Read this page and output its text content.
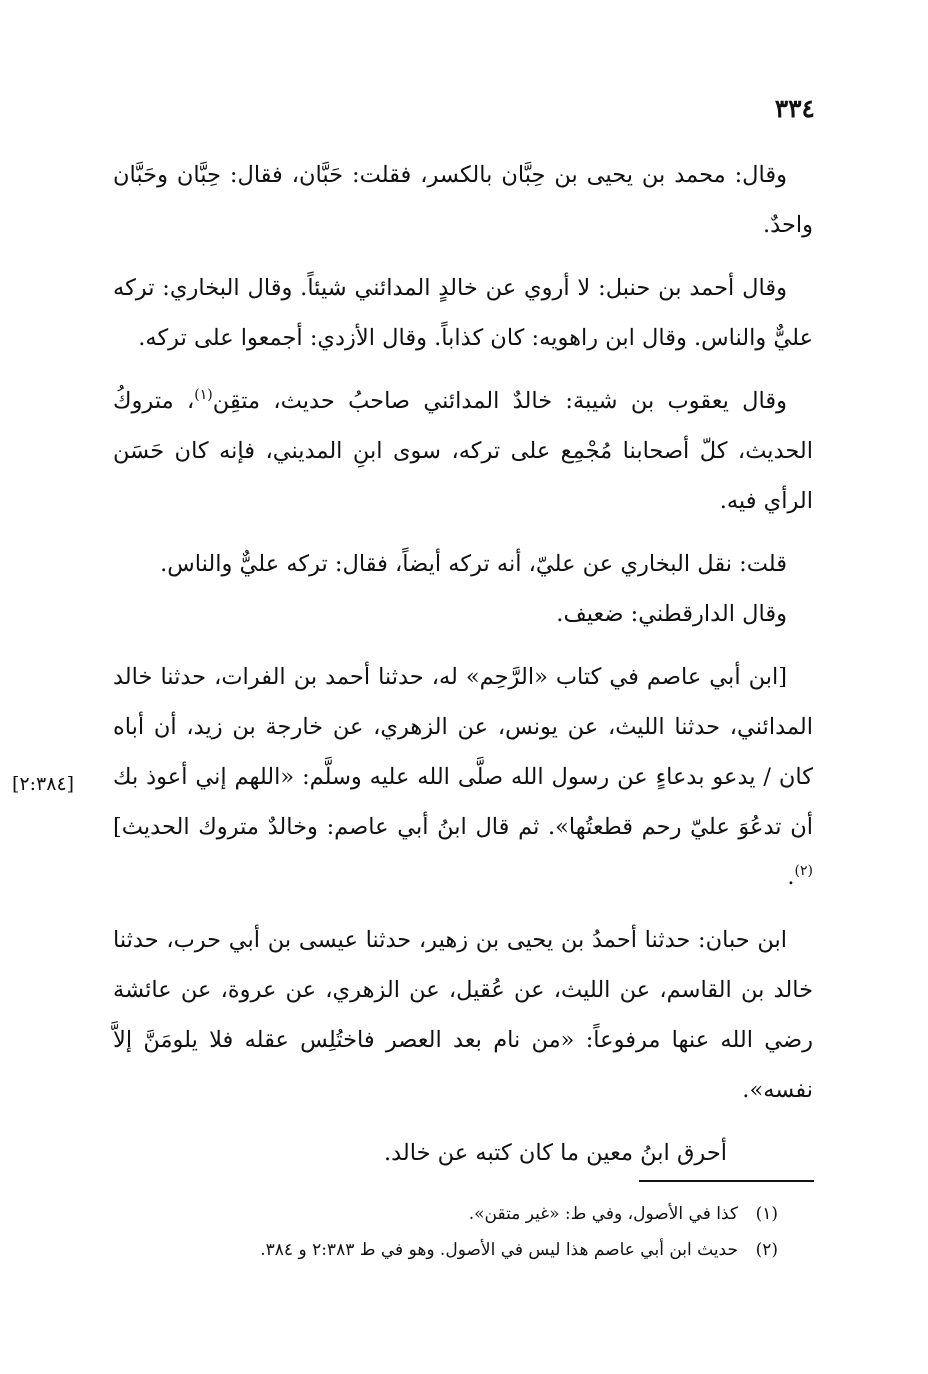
٣٣٤

وقال: محمد بن يحيى بن حِبَّان بالكسر، فقلت: حَبَّان، فقال: حِبَّان وحَبَّان واحدٌ.

وقال أحمد بن حنبل: لا أروي عن خالدٍ المدائني شيئاً. وقال البخاري: تركه عليٌّ والناس. وقال ابن راهويه: كان كذاباً. وقال الأزدي: أجمعوا على تركه.

وقال يعقوب بن شيبة: خالدٌ المدائني صاحبُ حديث، متقِن$^{(١)}$، متروكُ الحديث، كلّ أصحابنا مُجْمِع على تركه، سوى ابنِ المديني، فإنه كان حَسَن الرأي فيه.

قلت: نقل البخاري عن عليّ، أنه تركه أيضاً، فقال: تركه عليٌّ والناس.

وقال الدارقطني: ضعيف.

[ابن أبي عاصم في كتاب «الرَّحِم» له، حدثنا أحمد بن الفرات، حدثنا خالد المدائني، حدثنا الليث، عن يونس، عن الزهري، عن خارجة بن زيد، أن أباه كان / يدعو بدعاءٍ عن رسول الله صلَّى الله عليه وسلَّم: «اللهم إني أعوذ بك أن تدعُوَ عليّ رحم قطعتُها». ثم قال ابنُ أبي عاصم: وخالدٌ متروك الحديث]$^{(٢)}$.

ابن حبان: حدثنا أحمدُ بن يحيى بن زهير، حدثنا عيسى بن أبي حرب، حدثنا خالد بن القاسم، عن الليث، عن عُقيل، عن الزهري، عن عروة، عن عائشة رضي الله عنها مرفوعاً: «من نام بعد العصر فاختُلِس عقله فلا يلومَنَّ إلاَّ نفسه».

أحرق ابنُ معين ما كان كتبه عن خالد.

[٢:٣٨٤]
(١)
كذا في الأصول، وفي ط: «غير متقن».
(٢)
حديث ابن أبي عاصم هذا ليس في الأصول. وهو في ط ٢:٣٨٣ و ٣٨٤.
